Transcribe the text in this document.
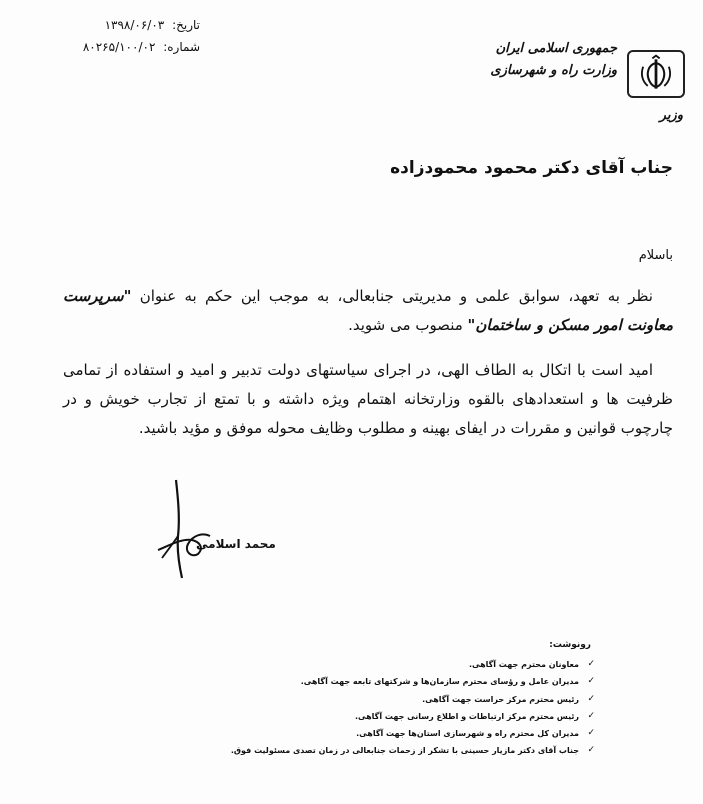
تاریخ: ۱۳۹۸/۰۶/۰۳
شماره: ۸۰۲۶۵/۱۰۰/۰۲	جمهوری اسلامی ایران
وزارت راه و شهرسازی
وزیر
جناب آقای دکتر محمود محمودزاده
باسلام

نظر به تعهد، سوابق علمی و مدیریتی جنابعالی، به موجب این حکم به عنوان "سرپرست معاونت امور مسکن و ساختمان" منصوب می شوید.

امید است با اتکال به الطاف الهی، در اجرای سیاستهای دولت تدبیر و امید و استفاده از تمامی ظرفیت ها و استعدادهای بالقوه وزارتخانه اهتمام ویژه داشته و با تمتع از تجارب خویش و در چارچوب قوانین و مقررات در ایفای بهینه و مطلوب وظایف محوله موفق و مؤید باشید.

محمد اسلامی
رونوشت:
✓
معاونان محترم جهت آگاهی.
✓
مدیران عامل و رؤسای محترم سازمان‌ها و شرکتهای تابعه جهت آگاهی.
✓
رئیس محترم مرکز حراست جهت آگاهی.
✓
رئیس محترم مرکز ارتباطات و اطلاع رسانی جهت آگاهی.
✓
مدیران کل محترم راه و شهرسازی استان‌ها جهت آگاهی.
✓
جناب آقای دکتر مازیار حسینی با تشکر از زحمات جنابعالی در زمان تصدی مسئولیت فوق.
